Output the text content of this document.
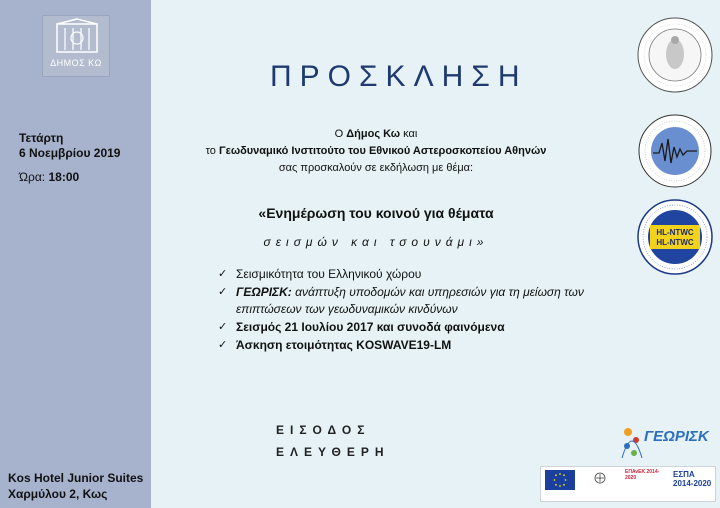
ΔΗΜΟΣ ΚΩ
Τετάρτη
6 Νοεμβρίου 2019
Ώρα: 18:00
Kos Hotel Junior Suites
Χαρμύλου 2, Κως
ΠΡΟΣΚΛΗΣΗ
Ο Δήμος Κω και
το Γεωδυναμικό Ινστιτούτο του Εθνικού Αστεροσκοπείου Αθηνών
σας προσκαλούν σε εκδήλωση με θέμα:
«Ενημέρωση του κοινού για θέματα
σεισμών και τσουνάμι»
✓ Σεισμικότητα του Ελληνικού χώρου
✓ ΓΕΩΡΙΣΚ: ανάπτυξη υποδομών και υπηρεσιών για τη μείωση των επιπτώσεων των γεωδυναμικών κινδύνων
✓ Σεισμός 21 Ιουλίου 2017 και συνοδά φαινόμενα
✓ Άσκηση ετοιμότητας KOSWAVE19-LM
ΕΙΣΟΔΟΣ
ΕΛΕΥΘΕΡΗ
HL-NTWC
HL-NTWC
ΓΕΩΡΙΣΚ
ΕΠΑνΕΚ 2014-2020	ΕΣΠΑ 2014-2020
